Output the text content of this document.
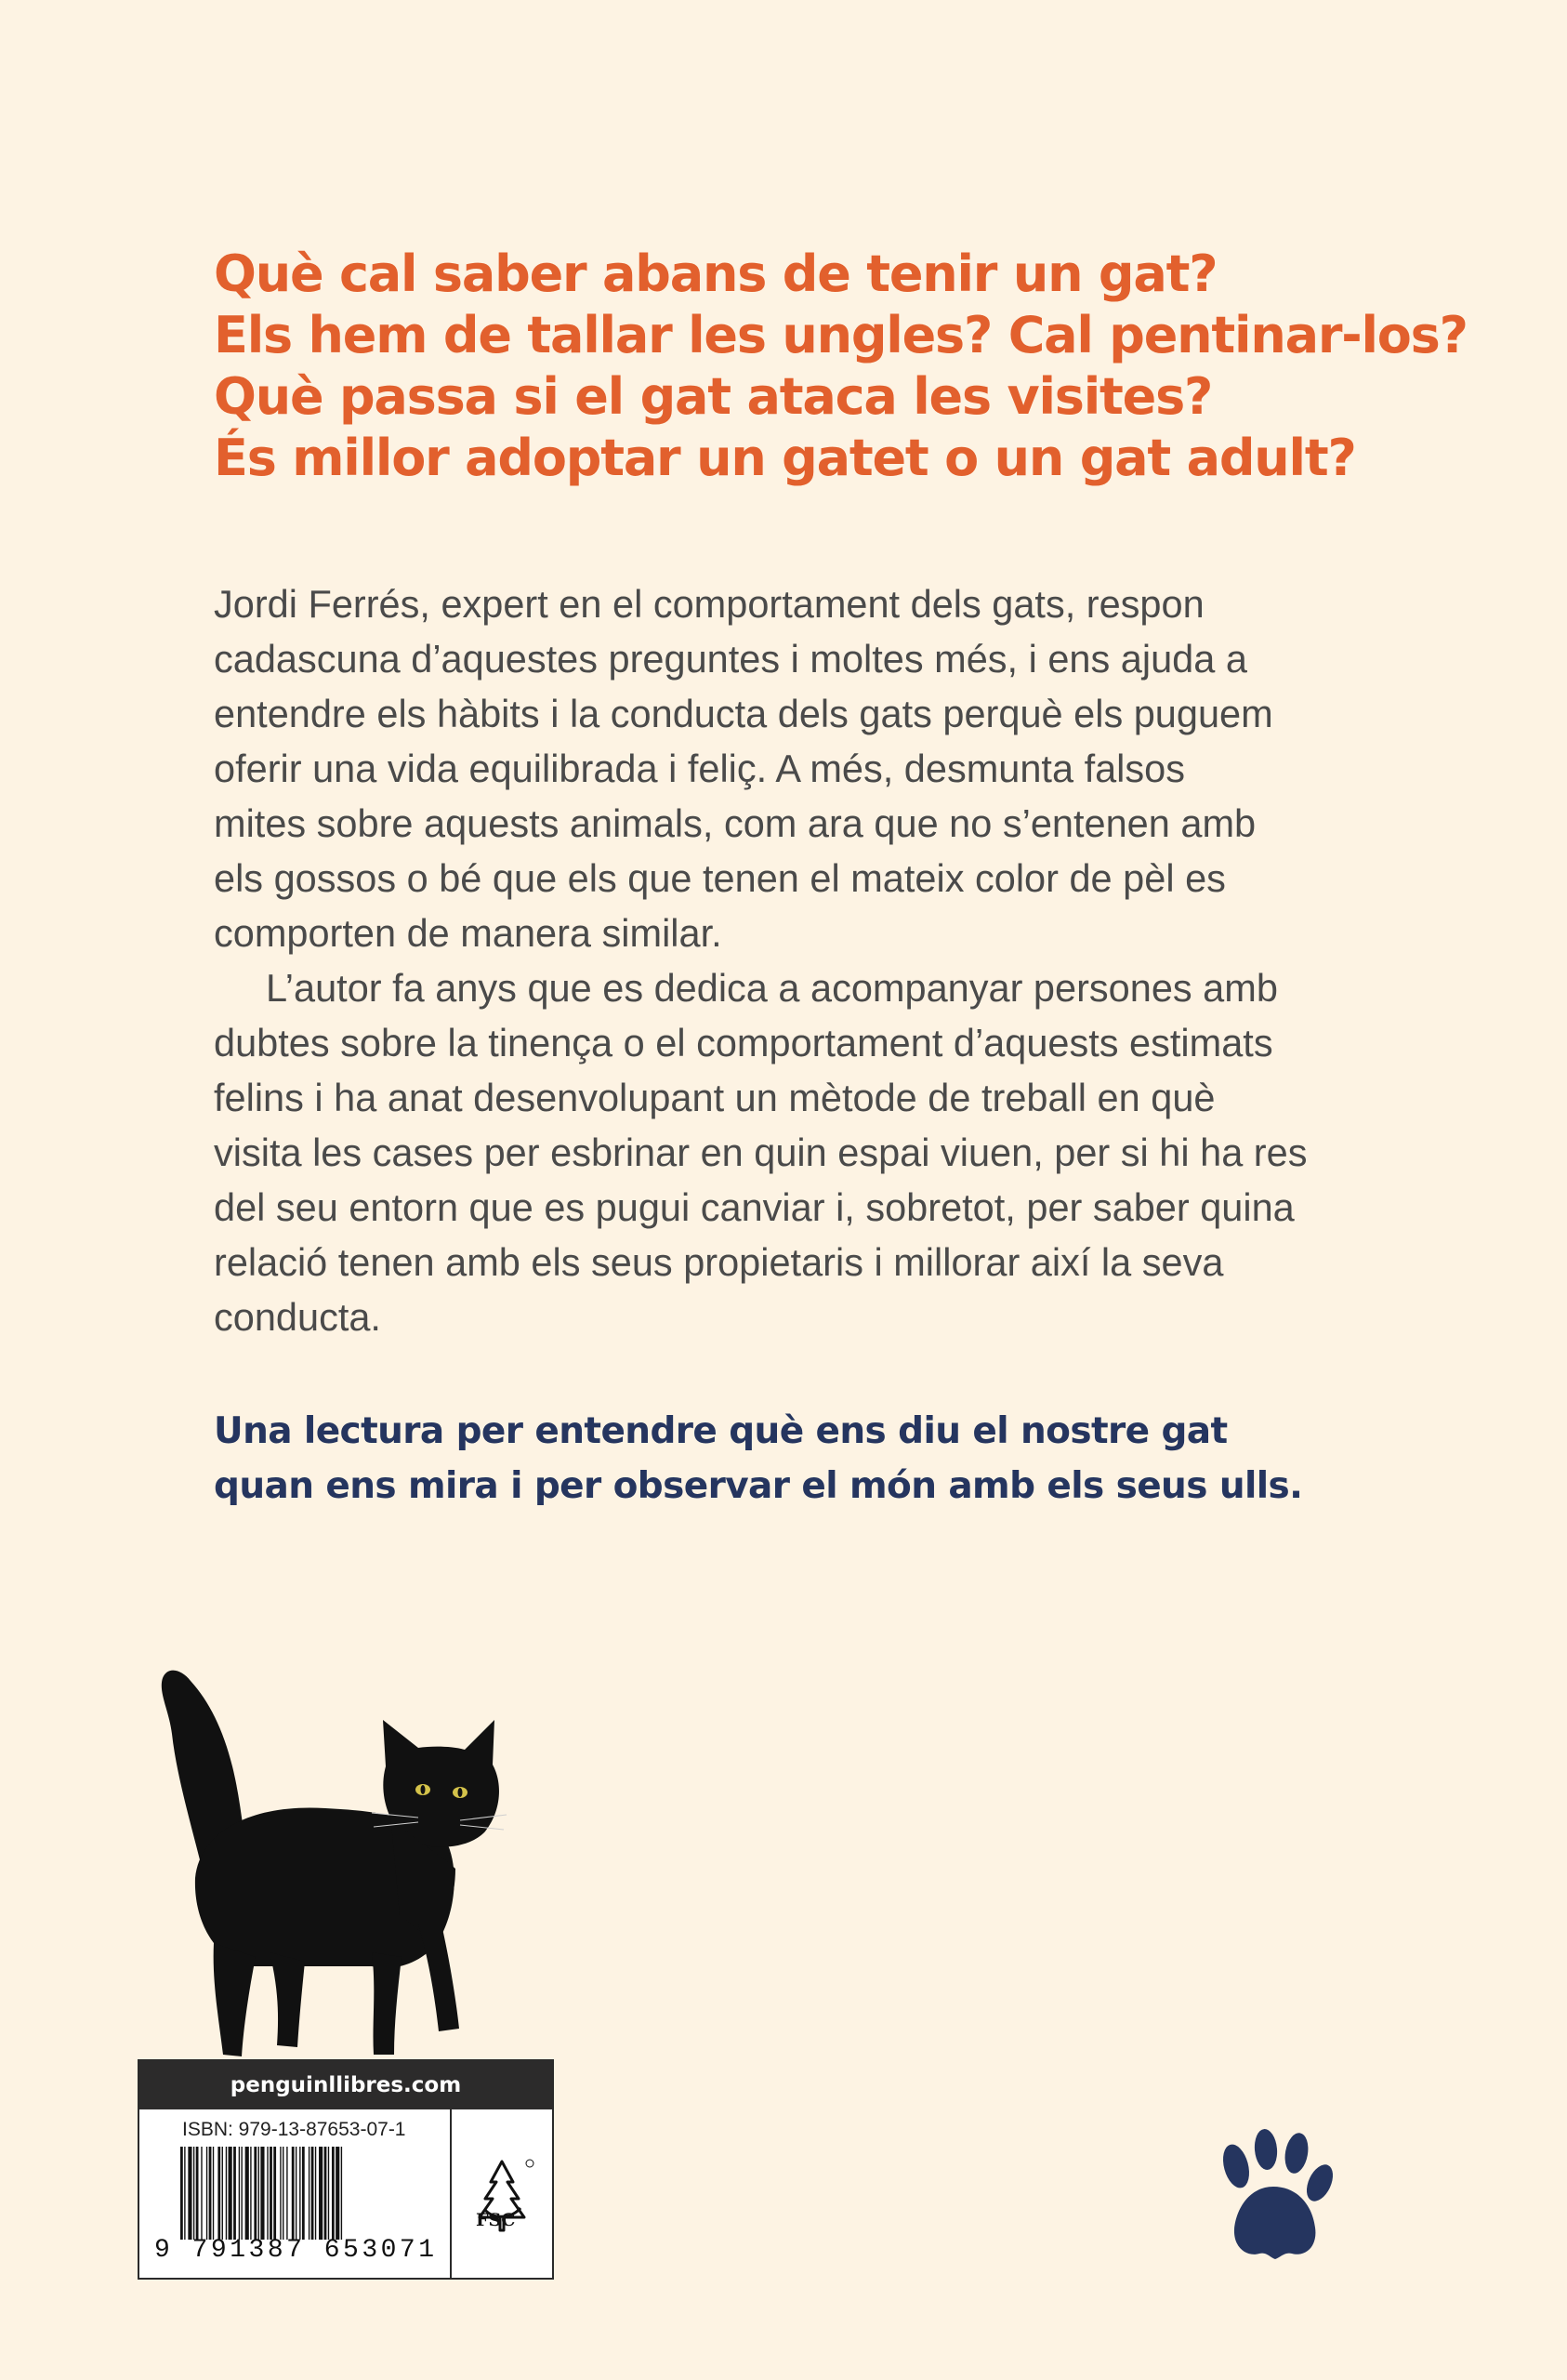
Què cal saber abans de tenir un gat?
Els hem de tallar les ungles? Cal pentinar-los?
Què passa si el gat ataca les visites?
És millor adoptar un gatet o un gat adult?

Jordi Ferrés, expert en el comportament dels gats, respon

cadascuna d’aquestes preguntes i moltes més, i ens ajuda a

entendre els hàbits i la conducta dels gats perquè els puguem

oferir una vida equilibrada i feliç. A més, desmunta falsos

mites sobre aquests animals, com ara que no s’entenen amb

els gossos o bé que els que tenen el mateix color de pèl es

comporten de manera similar.

L’autor fa anys que es dedica a acompanyar persones amb

dubtes sobre la tinença o el comportament d’aquests estimats

felins i ha anat desenvolupant un mètode de treball en què

visita les cases per esbrinar en quin espai viuen, per si hi ha res

del seu entorn que es pugui canviar i, sobretot, per saber quina

relació tenen amb els seus propietaris i millorar així la seva

conducta.

Una lectura per entendre què ens diu el nostre gat
quan ens mira i per observar el món amb els seus ulls.
penguinllibres.com
ISBN: 979-13-87653-07-1
9 791387 653071
FSC
